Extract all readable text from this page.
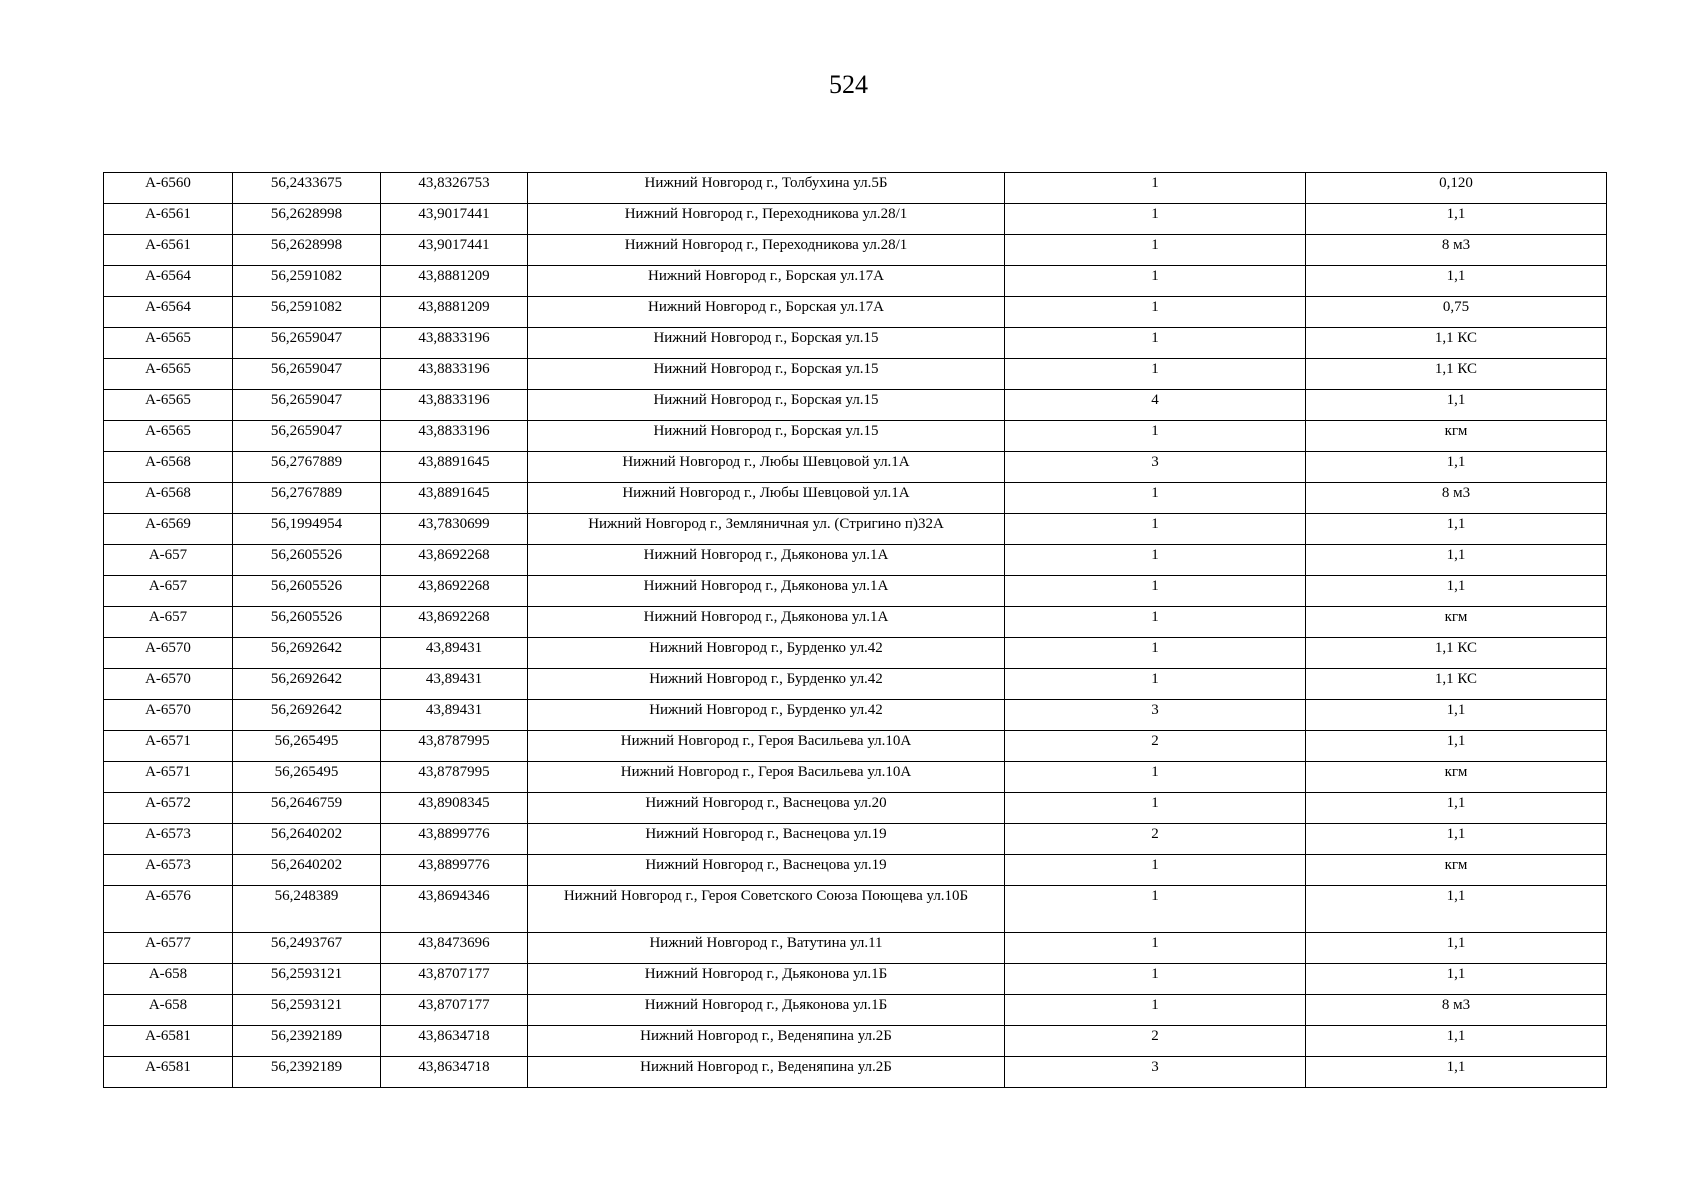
524
А-6560	56,2433675	43,8326753	Нижний Новгород г., Толбухина ул.5Б	1	0,120
А-6561	56,2628998	43,9017441	Нижний Новгород г., Переходникова ул.28/1	1	1,1
А-6561	56,2628998	43,9017441	Нижний Новгород г., Переходникова ул.28/1	1	8 м3
А-6564	56,2591082	43,8881209	Нижний Новгород г., Борская ул.17А	1	1,1
А-6564	56,2591082	43,8881209	Нижний Новгород г., Борская ул.17А	1	0,75
А-6565	56,2659047	43,8833196	Нижний Новгород г., Борская ул.15	1	1,1 КС
А-6565	56,2659047	43,8833196	Нижний Новгород г., Борская ул.15	1	1,1 КС
А-6565	56,2659047	43,8833196	Нижний Новгород г., Борская ул.15	4	1,1
А-6565	56,2659047	43,8833196	Нижний Новгород г., Борская ул.15	1	кгм
А-6568	56,2767889	43,8891645	Нижний Новгород г., Любы Шевцовой ул.1А	3	1,1
А-6568	56,2767889	43,8891645	Нижний Новгород г., Любы Шевцовой ул.1А	1	8 м3
А-6569	56,1994954	43,7830699	Нижний Новгород г., Земляничная ул. (Стригино п)32А	1	1,1
А-657	56,2605526	43,8692268	Нижний Новгород г., Дьяконова ул.1А	1	1,1
А-657	56,2605526	43,8692268	Нижний Новгород г., Дьяконова ул.1А	1	1,1
А-657	56,2605526	43,8692268	Нижний Новгород г., Дьяконова ул.1А	1	кгм
А-6570	56,2692642	43,89431	Нижний Новгород г., Бурденко ул.42	1	1,1 КС
А-6570	56,2692642	43,89431	Нижний Новгород г., Бурденко ул.42	1	1,1 КС
А-6570	56,2692642	43,89431	Нижний Новгород г., Бурденко ул.42	3	1,1
А-6571	56,265495	43,8787995	Нижний Новгород г., Героя Васильева ул.10А	2	1,1
А-6571	56,265495	43,8787995	Нижний Новгород г., Героя Васильева ул.10А	1	кгм
А-6572	56,2646759	43,8908345	Нижний Новгород г., Васнецова ул.20	1	1,1
А-6573	56,2640202	43,8899776	Нижний Новгород г., Васнецова ул.19	2	1,1
А-6573	56,2640202	43,8899776	Нижний Новгород г., Васнецова ул.19	1	кгм
А-6576	56,248389	43,8694346	Нижний Новгород г., Героя Советского Союза Поющева ул.10Б	1	1,1
А-6577	56,2493767	43,8473696	Нижний Новгород г., Ватутина ул.11	1	1,1
А-658	56,2593121	43,8707177	Нижний Новгород г., Дьяконова ул.1Б	1	1,1
А-658	56,2593121	43,8707177	Нижний Новгород г., Дьяконова ул.1Б	1	8 м3
А-6581	56,2392189	43,8634718	Нижний Новгород г., Веденяпина ул.2Б	2	1,1
А-6581	56,2392189	43,8634718	Нижний Новгород г., Веденяпина ул.2Б	3	1,1
